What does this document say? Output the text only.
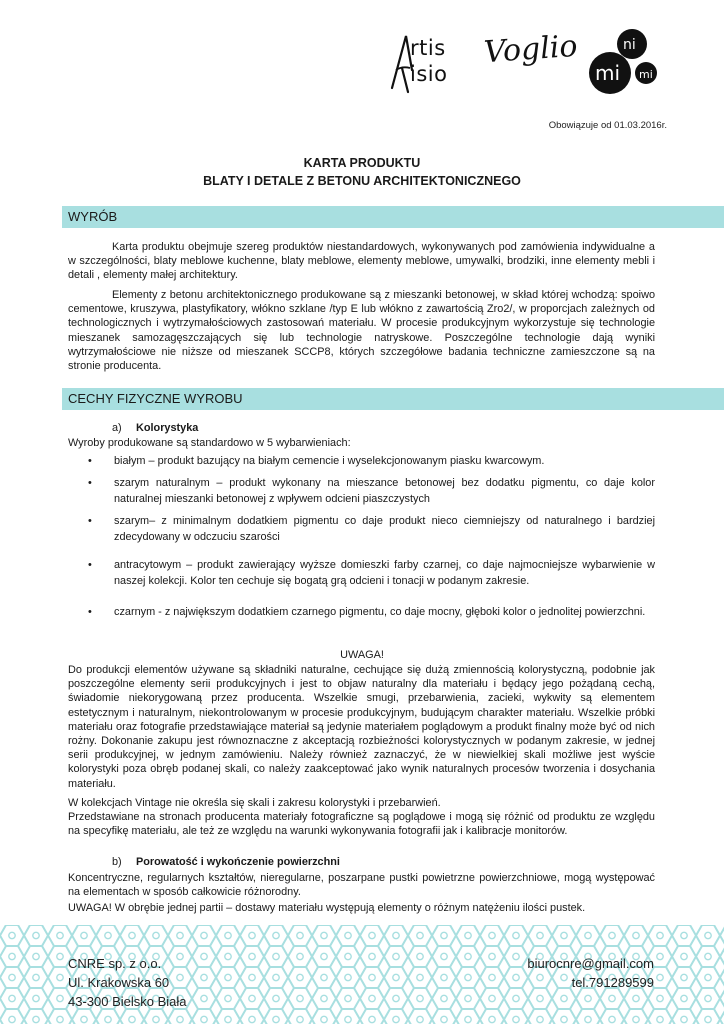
rtis
isio
Voglio	ni
mi mi
Obowiązuje od 01.03.2016r.
KARTA PRODUKTU
BLATY I DETALE Z BETONU ARCHITEKTONICZNEGO
WYRÓB
Karta produktu obejmuje szereg produktów niestandardowych, wykonywanych pod zamówienia indywidualne a w szczególności, blaty meblowe kuchenne, blaty meblowe, elementy meblowe, umywalki, brodziki, inne elementy mebli i detali , elementy małej architektury.
Elementy z betonu architektonicznego produkowane są z mieszanki betonowej, w skład której wchodzą: spoiwo cementowe, kruszywa, plastyfikatory, włókno szklane /typ E lub włókno z zawartością Zro2/, w proporcjach zależnych od technologicznych i wytrzymałościowych zastosowań materiału. W procesie produkcyjnym wykorzystuje się technologie mieszanek samozagęszczających się lub technologie natryskowe. Poszczególne technologie dają wyniki wytrzymałościowe nie niższe od mieszanek SCCP8, których szczegółowe badania techniczne zamieszczone są na stronie producenta.
CECHY FIZYCZNE WYROBU
a) Kolorystyka
Wyroby produkowane są standardowo w 5 wybarwieniach:
• białym – produkt bazujący na białym cemencie i wyselekcjonowanym piasku kwarcowym.
• szarym naturalnym – produkt wykonany na mieszance betonowej bez dodatku pigmentu, co daje kolor naturalnej mieszanki betonowej z wpływem odcieni piaszczystych
• szarym– z minimalnym dodatkiem pigmentu co daje produkt nieco ciemniejszy od naturalnego i bardziej zdecydowany w odczuciu szarości
• antracytowym – produkt zawierający wyższe domieszki farby czarnej, co daje najmocniejsze wybarwienie w naszej kolekcji. Kolor ten cechuje się bogatą grą odcieni i tonacji w podanym zakresie.
• czarnym - z największym dodatkiem czarnego pigmentu, co daje mocny, głęboki kolor o jednolitej powierzchni.
UWAGA!
Do produkcji elementów używane są składniki naturalne, cechujące się dużą zmiennością kolorystyczną, podobnie jak poszczególne elementy serii produkcyjnych i jest to objaw naturalny dla materiału i będący jego pożądaną cechą, świadomie niekorygowaną przez producenta. Wszelkie smugi, przebarwienia, zacieki, wykwity są elementem estetycznym i naturalnym, niekontrolowanym w procesie produkcyjnym, budującym charakter materiału. Wszelkie próbki materiału oraz fotografie przedstawiające materiał są jedynie materiałem poglądowym a produkt finalny może być od nich rożny. Dokonanie zakupu jest równoznaczne z akceptacją rozbieżności kolorystycznych w podanym zakresie, w jednej serii produkcyjnej, w jednym zamówieniu. Należy również zaznaczyć, że w niewielkiej skali możliwe jest wyście kolorystyki poza obręb podanej skali, co należy zaakceptować jako wynik naturalnych procesów tworzenia i dosychania materiału.
W kolekcjach Vintage nie określa się skali i zakresu kolorystyki i przebarwień.
Przedstawiane na stronach producenta materiały fotograficzne są poglądowe i mogą się różnić od produktu ze względu na specyfikę materiału, ale też ze względu na warunki wykonywania fotografii jak i kalibracje monitorów.
b) Porowatość i wykończenie powierzchni
Koncentryczne, regularnych kształtów, nieregularne, poszarpane pustki powietrzne powierzchniowe, mogą występować na elementach w sposób całkowicie różnorodny.
UWAGA! W obrębie jednej partii – dostawy materiału występują elementy o różnym natężeniu ilości pustek.
CNRE sp. z o.o.
Ul. Krakowska 60
43-300 Bielsko Biała
biurocnre@gmail.com
tel.791289599
